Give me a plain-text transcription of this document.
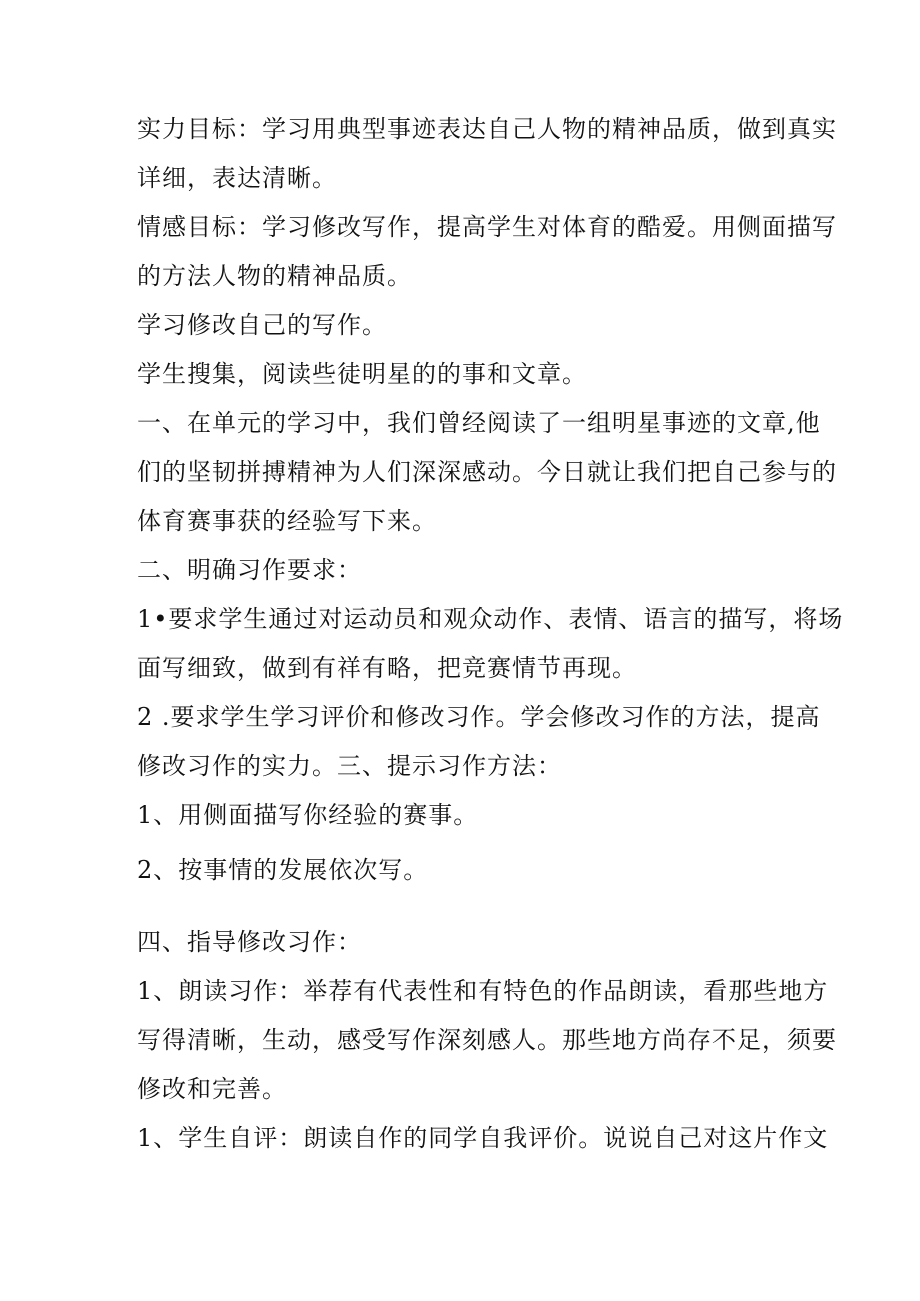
实力目标：学习用典型事迹表达自己人物的精神品质，做到真实
详细，表达清晰。
情感目标：学习修改写作，提高学生对体育的酷爱。用侧面描写
的方法人物的精神品质。
学习修改自己的写作。
学生搜集，阅读些徒明星的的事和文章。
一、在单元的学习中，我们曾经阅读了一组明星事迹的文章,他
们的坚韧拼搏精神为人们深深感动。今日就让我们把自己参与的
体育赛事获的经验写下来。
二、明确习作要求：
1•要求学生通过对运动员和观众动作、表情、语言的描写，将场
面写细致，做到有祥有略，把竞赛情节再现。
2 .要求学生学习评价和修改习作。学会修改习作的方法，提高
修改习作的实力。三、提示习作方法：
1、用侧面描写你经验的赛事。
2、按事情的发展依次写。
四、指导修改习作：
1、朗读习作：举荐有代表性和有特色的作品朗读，看那些地方
写得清晰，生动，感受写作深刻感人。那些地方尚存不足，须要
修改和完善。
1、学生自评：朗读自作的同学自我评价。说说自己对这片作文
